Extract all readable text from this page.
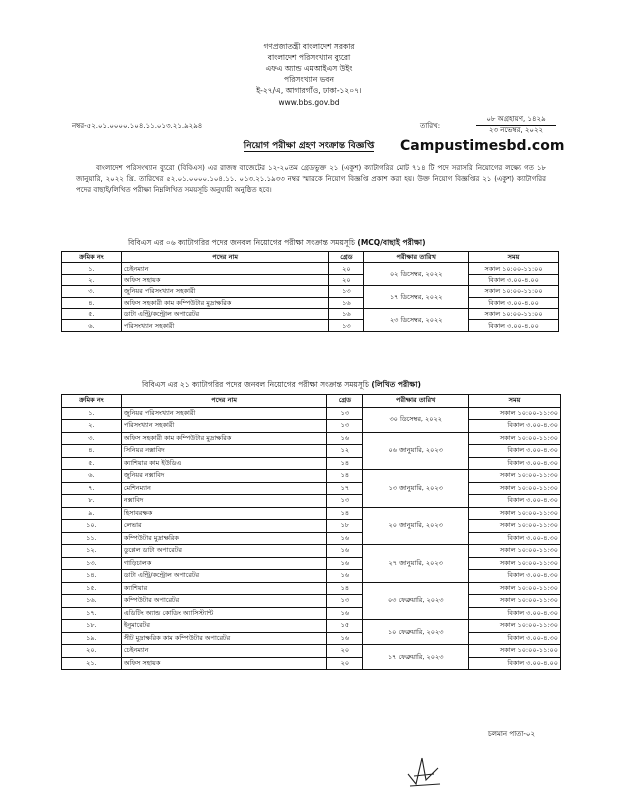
গণপ্রজাতন্ত্রী বাংলাদেশ সরকার
বাংলাদেশ পরিসংখ্যান ব্যুরো
এফএ অ্যান্ড এমআইএস উইং
পরিসংখ্যান ভবন
ই-২৭/এ, আগারগাঁও, ঢাকা-১২০৭।
www.bbs.gov.bd
নম্বর-৫২.০১.০০০০.১০৪.১১.০১৩.২১.৯২৯৪	তারিখ:
০৮ অগ্রহায়ণ, ১৪২৯
২৩ নভেম্বর, ২০২২
নিয়োগ পরীক্ষা গ্রহণ সংক্রান্ত বিজ্ঞপ্তি	Campustimesbd.com
বাংলাদেশ পরিসংখ্যান ব্যুরো (বিবিএস) এর রাজস্ব বাজেটের ১২-২০তম গ্রেডভুক্ত ২১ (একুশ) ক্যাটাগরির মোট ৭১৪ টি পদে সরাসরি নিয়োগের লক্ষ্যে গত ১৮ জানুয়ারি, ২০২২ খ্রি. তারিখের ৫২.০১.০০০০.১০৪.১১. ০১৩.২১.১৯৩৩ নম্বর স্মারকে নিয়োগ বিজ্ঞপ্তি প্রকাশ করা হয়। উক্ত নিয়োগ বিজ্ঞপ্তির ২১ (একুশ) ক্যাটাগরির পদের বাছাই/লিখিত পরীক্ষা নিম্নলিখিত সময়সূচি অনুযায়ী অনুষ্ঠিত হবে।
বিবিএস এর ০৬ ক্যাটাগরির পদের জনবল নিয়োগের পরীক্ষা সংক্রান্ত সময়সূচি (MCQ/বাছাই পরীক্ষা)
ক্রমিক নং	পদের নাম	গ্রেড	পরীক্ষার তারিখ	সময়
১.	চেইনম্যান	২০	০২ ডিসেম্বর, ২০২২	সকাল ১০:০০-১১:০০
২.	অফিস সহায়ক	২০		বিকাল ৩.০০-৪.০০
৩.	জুনিয়র পরিসংখ্যান সহকারী	১৩	১৭ ডিসেম্বর, ২০২২	সকাল ১০:০০-১১:০০
৪.	অফিস সহকারী কাম কম্পিউটার মুদ্রাক্ষরিক	১৬		বিকাল ৩.০০-৪.০০
৫.	ডাটা এন্ট্রি/কন্ট্রোল অপারেটর	১৬	২৩ ডিসেম্বর, ২০২২	সকাল ১০:০০-১১:০০
৬.	পরিসংখ্যান সহকারী	১৩		বিকাল ৩.০০-৪.০০
বিবিএস এর ২১ ক্যাটাগরির পদের জনবল নিয়োগের পরীক্ষা সংক্রান্ত সময়সূচি (লিখিত পরীক্ষা)
ক্রমিক নং	পদের নাম	গ্রেড	পরীক্ষার তারিখ	সময়
১.	জুনিয়র পরিসংখ্যান সহকারী	১৩	৩০ ডিসেম্বর, ২০২২	সকাল ১০:০০-১১:৩০
২.	পরিসংখ্যান সহকারী	১৩		বিকাল ৩.০০-৪.৩০
৩.	অফিস সহকারী কাম কম্পিউটার মুদ্রাক্ষরিক	১৬	০৬ জানুয়ারি, ২০২৩	সকাল ১০:০০-১১:৩০
৪.	সিনিয়র নক্সাবিদ	১২		বিকাল ৩.০০-৪.৩০
৫.	ক্যাশিয়ার কাম ইউডিএ	১৪		বিকাল ৩.০০-৪.৩০
৬.	জুনিয়র নক্সাবিদ	১৪	১৩ জানুয়ারি, ২০২৩	সকাল ১০:০০-১১:৩০
৭.	মেশিনম্যান	১৭		সকাল ১০:০০-১১:৩০
৮.	নক্সাবিদ	১৩		বিকাল ৩.০০-৪.৩০
৯.	হিসাবরক্ষক	১৪	২০ জানুয়ারি, ২০২৩	সকাল ১০:০০-১১:৩০
১০.	লেভার	১৮		সকাল ১০:০০-১১:৩০
১১.	কম্পিউটার মুদ্রাক্ষরিক	১৬		বিকাল ৩.০০-৪.৩০
১২.	ডুপ্লেল ডাটা অপারেটর	১৬	২৭ জানুয়ারি, ২০২৩	সকাল ১০:০০-১১:৩০
১৩.	গাড়িচালক	১৬		সকাল ১০:০০-১১:৩০
১৪.	ডাটা এন্ট্রি/কন্ট্রোল অপারেটর	১৬		বিকাল ৩.০০-৪.৩০
১৫.	ক্যাশিয়ার	১৪	০৩ ফেব্রুয়ারি, ২০২৩	সকাল ১০:০০-১১:৩০
১৬.	কম্পিউটার অপারেটর	১৩		সকাল ১০:০০-১১:৩০
১৭.	এডিটিং অ্যান্ড কোডিং অ্যাসিস্ট্যান্ট	১৬		বিকাল ৩.০০-৪.৩০
১৮.	ইনুমারেটর	১৫	১০ ফেব্রুয়ারি, ২০২৩	সকাল ১০:০০-১১:৩০
১৯.	সীট মুদ্রাক্ষরিক কাম কম্পিউটার অপারেটর	১৬		বিকাল ৩.০০-৪.৩০
২০.	চেইনম্যান	২০	১৭ ফেব্রুয়ারি, ২০২৩	সকাল ১০:০০-১১:০০
২১.	অফিস সহায়ক	২০		বিকাল ৩.০০-৪.০০
চলমান পাতা-০২
